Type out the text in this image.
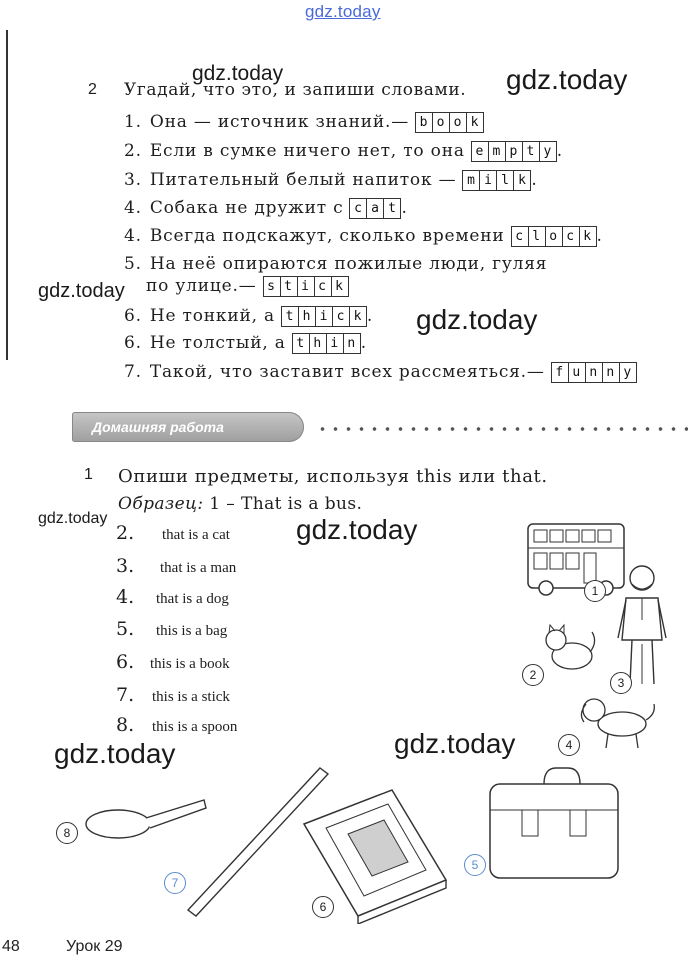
gdz.today
2 Угадай, что это, и запиши словами.
1. Она — источник знаний.— b o o k
2. Если в сумке ничего нет, то она e m p t y .
3. Питательный белый напиток — m i l k .
4. Собака не дружит с c a t .
4. Всегда подскажут, сколько времени c l o c k .
5. На неё опираются пожилые люди, гуляя
по улице.— s t i c k
6. Не тонкий, а t h i c k .
6. Не толстый, а t h i n .
7. Такой, что заставит всех рассмеяться.— f u n n y
Домашняя работа
1 Опиши предметы, используя this или that.
Образец: 1 – That is a bus.
2.	that is a cat
3.	that is a man
4.	that is a dog
5.	this is a bag
6.	this is a book
7.	this is a stick
8.	this is a spoon
1
3
2
4
8
7
6
5
gdz.today	gdz.today
gdz.today
gdz.today
gdz.today	gdz.today
gdz.today	gdz.today
48	Урок 29
